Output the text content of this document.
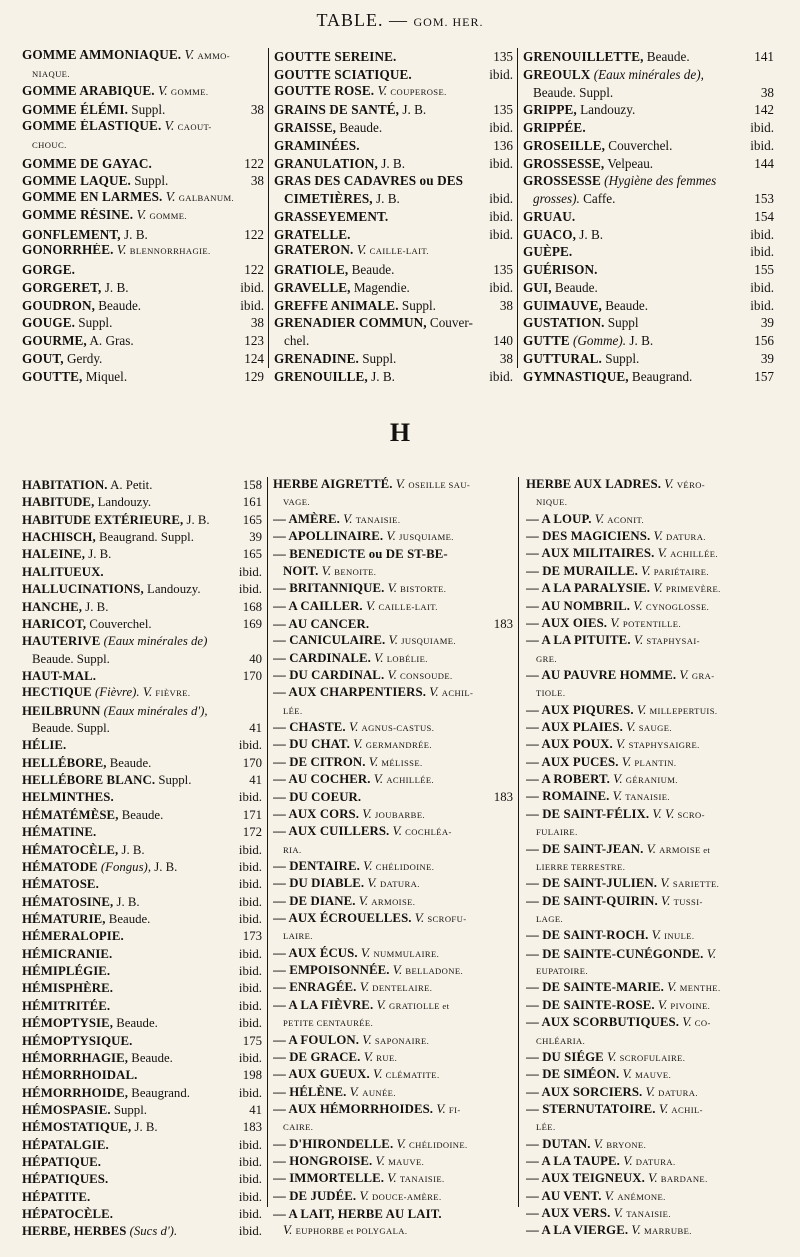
TABLE. — GOM. HER.
GOMME AMMONIAQUE. V. AMMO-
NIAQUE.
GOMME ARABIQUE. V. GOMME.
GOMME ÉLÉMI. Suppl.	38
GOMME ÉLASTIQUE. V. CAOUT-
CHOUC.
GOMME DE GAYAC.	122
GOMME LAQUE. Suppl.	38
GOMME EN LARMES. V. GALBANUM.
GOMME RÉSINE. V. GOMME.
GONFLEMENT, J. B.	122
GONORRHÉE. V. BLENNORRHAGIE.
GORGE.	122
GORGERET, J. B.	ibid.
GOUDRON, Beaude.	ibid.
GOUGE. Suppl.	38
GOURME, A. Gras.	123
GOUT, Gerdy.	124
GOUTTE, Miquel.	129
GOUTTE SEREINE.	135
GOUTTE SCIATIQUE.	ibid.
GOUTTE ROSE. V. COUPEROSE.
GRAINS DE SANTÉ, J. B.	135
GRAISSE, Beaude.	ibid.
GRAMINÉES.	136
GRANULATION, J. B.	ibid.
GRAS DES CADAVRES ou DES
CIMETIÈRES, J. B.	ibid.
GRASSEYEMENT.	ibid.
GRATELLE.	ibid.
GRATERON. V. CAILLE-LAIT.
GRATIOLE, Beaude.	135
GRAVELLE, Magendie.	ibid.
GREFFE ANIMALE. Suppl.	38
GRENADIER COMMUN, Couver-
chel.	140
GRENADINE. Suppl.	38
GRENOUILLE, J. B.	ibid.
GRENOUILLETTE, Beaude.	141
GREOULX (Eaux minérales de),
Beaude. Suppl.	38
GRIPPE, Landouzy.	142
GRIPPÉE.	ibid.
GROSEILLE, Couverchel.	ibid.
GROSSESSE, Velpeau.	144
GROSSESSE (Hygiène des femmes
grosses). Caffe.	153
GRUAU.	154
GUACO, J. B.	ibid.
GUÈPE.	ibid.
GUÉRISON.	155
GUI, Beaude.	ibid.
GUIMAUVE, Beaude.	ibid.
GUSTATION. Suppl	39
GUTTE (Gomme). J. B.	156
GUTTURAL. Suppl.	39
GYMNASTIQUE, Beaugrand.	157
H
HABITATION. A. Petit.	158
HABITUDE, Landouzy.	161
HABITUDE EXTÉRIEURE, J. B.	165
HACHISCH, Beaugrand. Suppl.	39
HALEINE, J. B.	165
HALITUEUX.	ibid.
HALLUCINATIONS, Landouzy.	ibid.
HANCHE, J. B.	168
HARICOT, Couverchel.	169
HAUTERIVE (Eaux minérales de)
Beaude. Suppl.	40
HAUT-MAL.	170
HECTIQUE (Fièvre). V. FIÈVRE.
HEILBRUNN (Eaux minérales d'),
Beaude. Suppl.	41
HÉLIE.	ibid.
HELLÉBORE, Beaude.	170
HELLÉBORE BLANC. Suppl.	41
HELMINTHES.	ibid.
HÉMATÉMÈSE, Beaude.	171
HÉMATINE.	172
HÉMATOCÈLE, J. B.	ibid.
HÉMATODE (Fongus), J. B.	ibid.
HÉMATOSE.	ibid.
HÉMATOSINE, J. B.	ibid.
HÉMATURIE, Beaude.	ibid.
HÉMERALOPIE.	173
HÉMICRANIE.	ibid.
HÉMIPLÉGIE.	ibid.
HÉMISPHÈRE.	ibid.
HÉMITRITÉE.	ibid.
HÉMOPTYSIE, Beaude.	ibid.
HÉMOPTYSIQUE.	175
HÉMORRHAGIE, Beaude.	ibid.
HÉMORRHOIDAL.	198
HÉMORRHOIDE, Beaugrand.	ibid.
HÉMOSPASIE. Suppl.	41
HÉMOSTATIQUE, J. B.	183
HÉPATALGIE.	ibid.
HÉPATIQUE.	ibid.
HÉPATIQUES.	ibid.
HÉPATITE.	ibid.
HÉPATOCÈLE.	ibid.
HERBE, HERBES (Sucs d').	ibid.
HERBE AIGRETTÉ. V. OSEILLE SAU-
VAGE.
— AMÈRE. V. TANAISIE.
— APOLLINAIRE. V. JUSQUIAME.
— BENEDICTE ou DE ST-BE-
NOIT. V. BENOITE.
— BRITANNIQUE. V. BISTORTE.
— A CAILLER. V. CAILLE-LAIT.
— AU CANCER.	183
— CANICULAIRE. V. JUSQUIAME.
— CARDINALE. V. LOBÉLIE.
— DU CARDINAL. V. CONSOUDE.
— AUX CHARPENTIERS. V. ACHIL-
LÉE.
— CHASTE. V. AGNUS-CASTUS.
— DU CHAT. V. GERMANDRÉE.
— DE CITRON. V. MÉLISSE.
— AU COCHER. V. ACHILLÉE.
— DU COEUR.	183
— AUX CORS. V. JOUBARBE.
— AUX CUILLERS. V. COCHLÉA-
RIA.
— DENTAIRE. V. CHÉLIDOINE.
— DU DIABLE. V. DATURA.
— DE DIANE. V. ARMOISE.
— AUX ÉCROUELLES. V. SCROFU-
LAIRE.
— AUX ÉCUS. V. NUMMULAIRE.
— EMPOISONNÉE. V. BELLADONE.
— ENRAGÉE. V. DENTELAIRE.
— A LA FIÈVRE. V. GRATIOLLE et
PETITE CENTAURÉE.
— A FOULON. V. SAPONAIRE.
— DE GRACE. V. RUE.
— AUX GUEUX. V. CLÉMATITE.
— HÉLÈNE. V. AUNÉE.
— AUX HÉMORRHOIDES. V. FI-
CAIRE.
— D'HIRONDELLE. V. CHÉLIDOINE.
— HONGROISE. V. MAUVE.
— IMMORTELLE. V. TANAISIE.
— DE JUDÉE. V. DOUCE-AMÈRE.
— A LAIT, HERBE AU LAIT.
V. EUPHORBE et POLYGALA.
HERBE AUX LADRES. V. VÉRO-
NIQUE.
— A LOUP. V. ACONIT.
— DES MAGICIENS. V. DATURA.
— AUX MILITAIRES. V. ACHILLÉE.
— DE MURAILLE. V. PARIÉTAIRE.
— A LA PARALYSIE. V. PRIMEVÈRE.
— AU NOMBRIL. V. CYNOGLOSSE.
— AUX OIES. V. POTENTILLE.
— A LA PITUITE. V. STAPHYSAI-
GRE.
— AU PAUVRE HOMME. V. GRA-
TIOLE.
— AUX PIQURES. V. MILLEPERTUIS.
— AUX PLAIES. V. SAUGE.
— AUX POUX. V. STAPHYSAIGRE.
— AUX PUCES. V. PLANTIN.
— A ROBERT. V. GÉRANIUM.
— ROMAINE. V. TANAISIE.
— DE SAINT-FÉLIX. V. V. SCRO-
FULAIRE.
— DE SAINT-JEAN. V. ARMOISE et
LIERRE TERRESTRE.
— DE SAINT-JULIEN. V. SARIETTE.
— DE SAINT-QUIRIN. V. TUSSI-
LAGE.
— DE SAINT-ROCH. V. INULE.
— DE SAINTE-CUNÉGONDE. V.
EUPATOIRE.
— DE SAINTE-MARIE. V. MENTHE.
— DE SAINTE-ROSE. V. PIVOINE.
— AUX SCORBUTIQUES. V. CO-
CHLÉARIA.
— DU SIÉGE V. SCROFULAIRE.
— DE SIMÉON. V. MAUVE.
— AUX SORCIERS. V. DATURA.
— STERNUTATOIRE. V. ACHIL-
LÉE.
— DUTAN. V. BRYONE.
— A LA TAUPE. V. DATURA.
— AUX TEIGNEUX. V. BARDANE.
— AU VENT. V. ANÉMONE.
— AUX VERS. V. TANAISIE.
— A LA VIERGE. V. MARRUBE.
